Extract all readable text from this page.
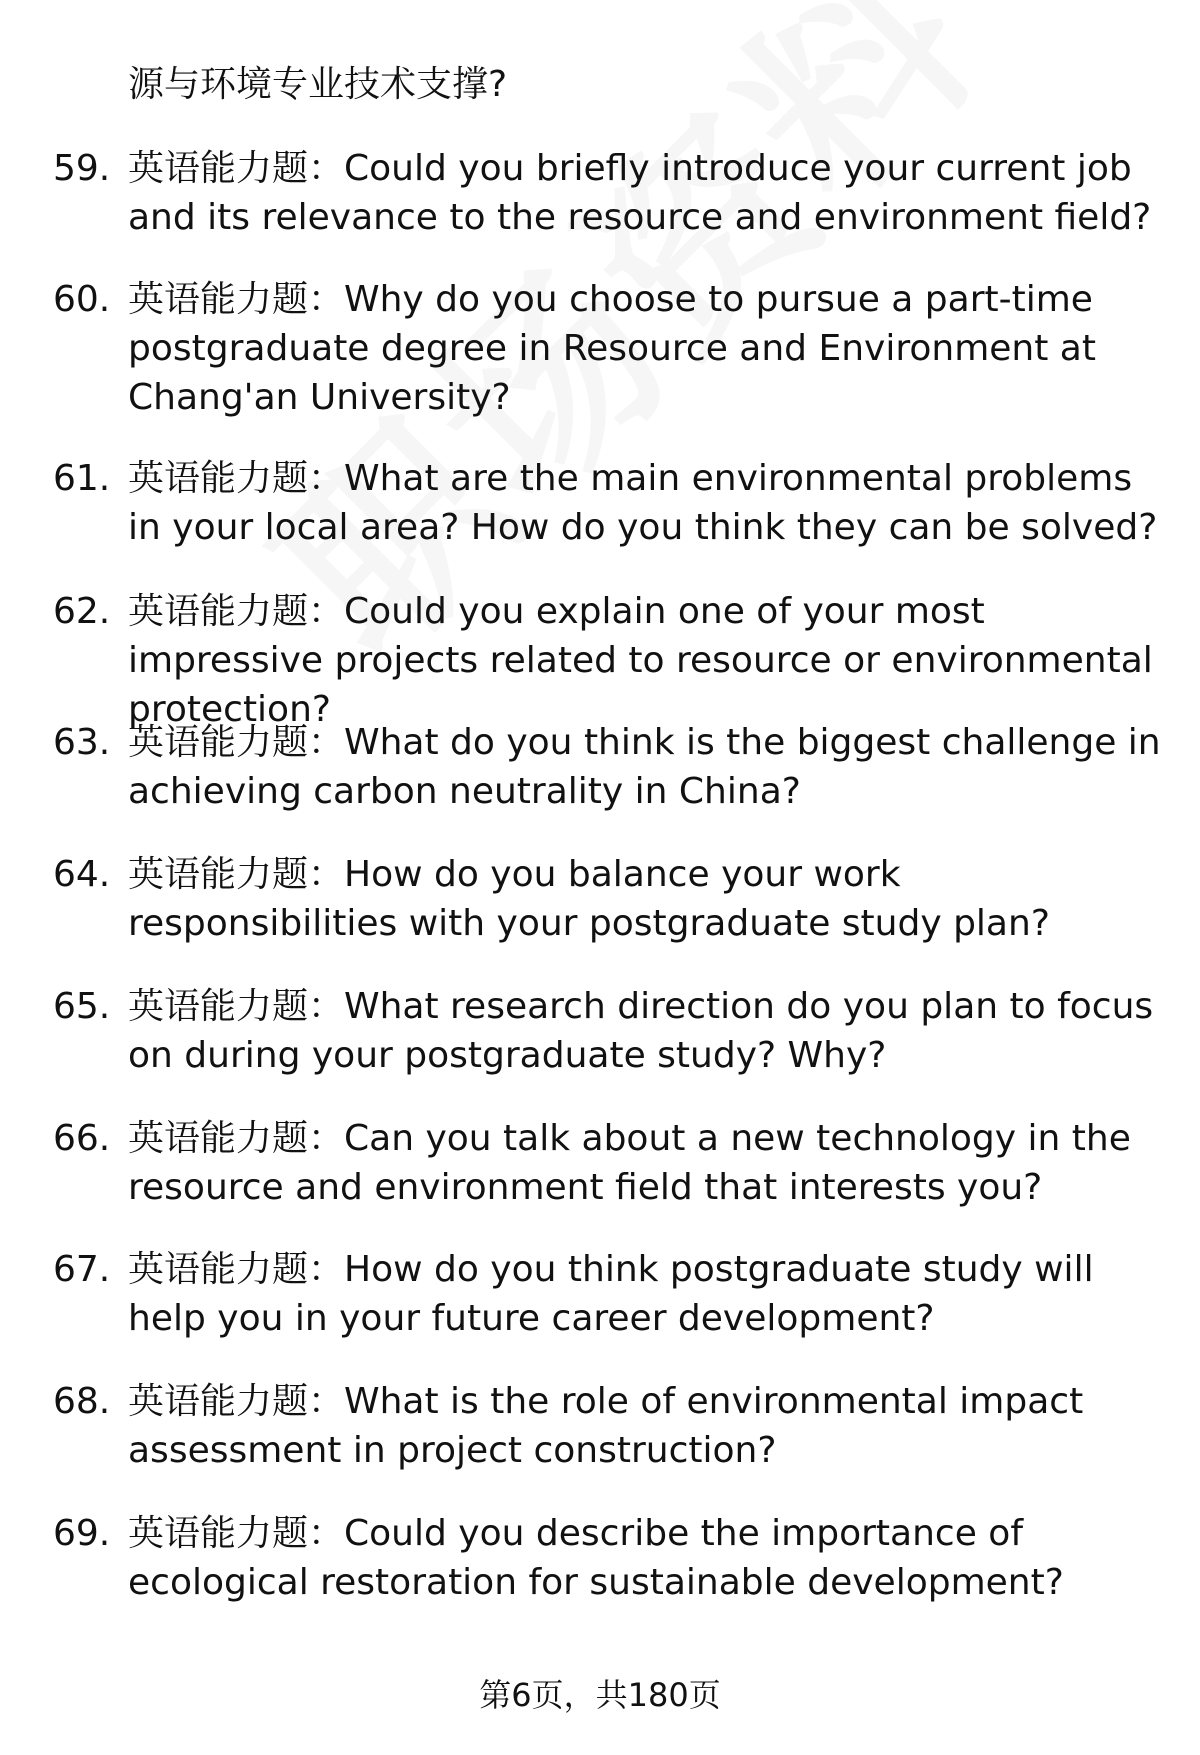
源与环境专业技术支撑?
59. 英语能力题：Could you briefly introduce your current job and its relevance to the resource and environment field?
60. 英语能力题：Why do you choose to pursue a part-time postgraduate degree in Resource and Environment at Chang'an University?
61. 英语能力题：What are the main environmental problems in your local area? How do you think they can be solved?
62. 英语能力题：Could you explain one of your most impressive projects related to resource or environmental protection?
63. 英语能力题：What do you think is the biggest challenge in achieving carbon neutrality in China?
64. 英语能力题：How do you balance your work responsibilities with your postgraduate study plan?
65. 英语能力题：What research direction do you plan to focus on during your postgraduate study? Why?
66. 英语能力题：Can you talk about a new technology in the resource and environment field that interests you?
67. 英语能力题：How do you think postgraduate study will help you in your future career development?
68. 英语能力题：What is the role of environmental impact assessment in project construction?
69. 英语能力题：Could you describe the importance of ecological restoration for sustainable development?
第6页，共180页
